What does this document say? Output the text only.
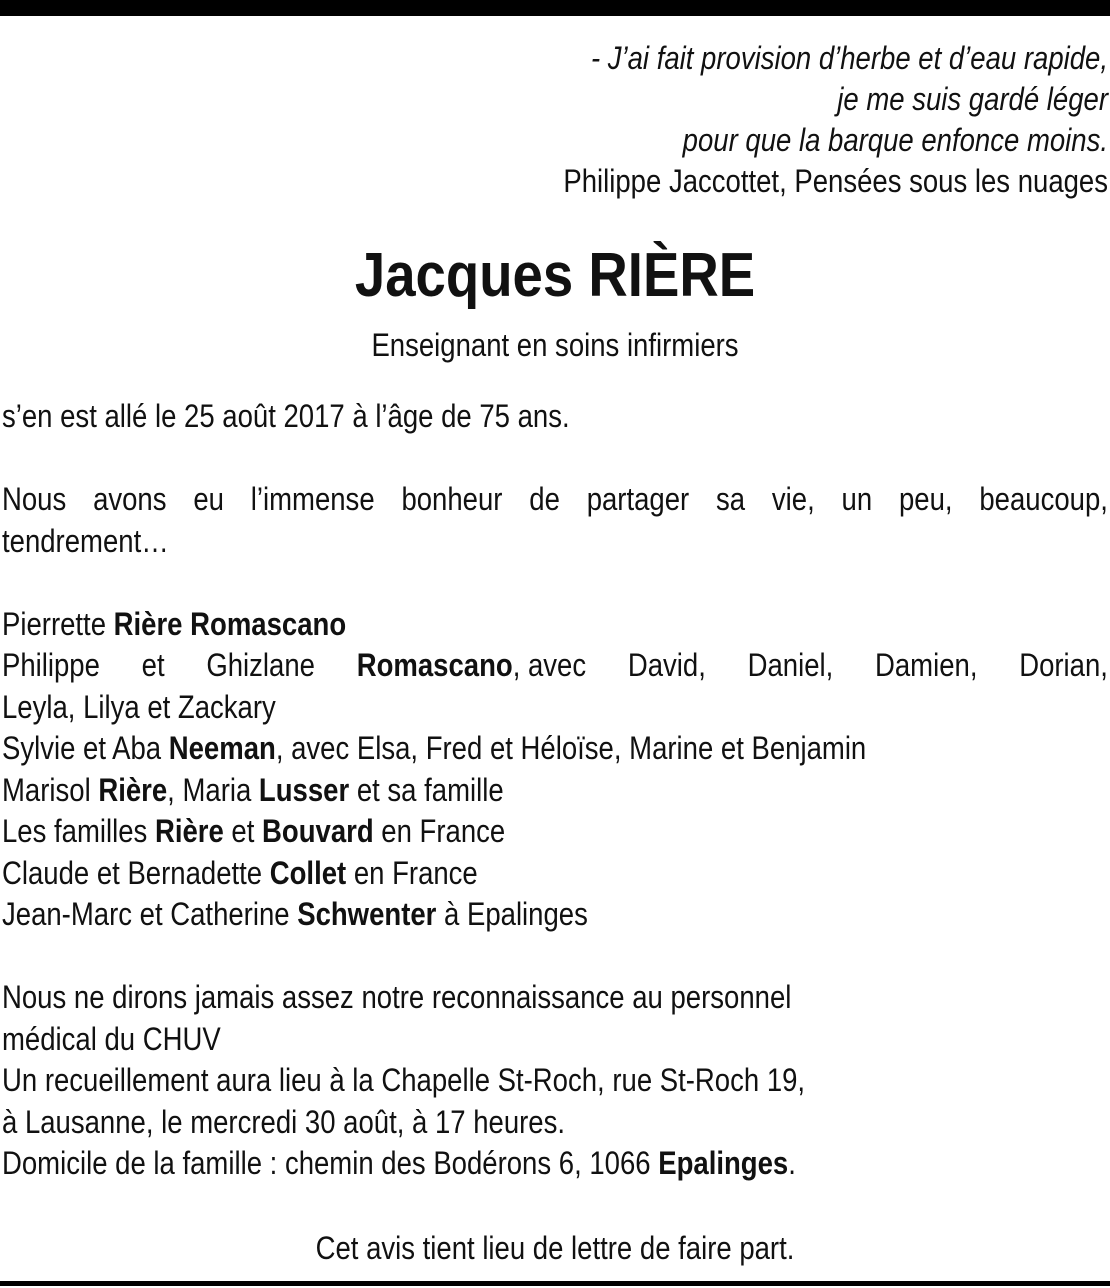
- J’ai fait provision d’herbe et d’eau rapide,
je me suis gardé léger
pour que la barque enfonce moins.
Philippe Jaccottet, Pensées sous les nuages
Jacques RIÈRE
Enseignant en soins infirmiers
s’en est allé le 25 août 2017 à l’âge de 75 ans.
Nous avons eu l’immense bonheur de partager sa vie, un peu, beaucoup,
tendrement…
Pierrette Rière Romascano
Philippe et Ghizlane Romascano, avec David, Daniel, Damien, Dorian,
Leyla, Lilya et Zackary
Sylvie et Aba Neeman, avec Elsa, Fred et Héloïse, Marine et Benjamin
Marisol Rière, Maria Lusser et sa famille
Les familles Rière et Bouvard en France
Claude et Bernadette Collet en France
Jean-Marc et Catherine Schwenter à Epalinges
Nous ne dirons jamais assez notre reconnaissance au personnel
médical du CHUV
Un recueillement aura lieu à la Chapelle St-Roch, rue St-Roch 19,
à Lausanne, le mercredi 30 août, à 17 heures.
Domicile de la famille : chemin des Bodérons 6, 1066 Epalinges.
Cet avis tient lieu de lettre de faire part.
